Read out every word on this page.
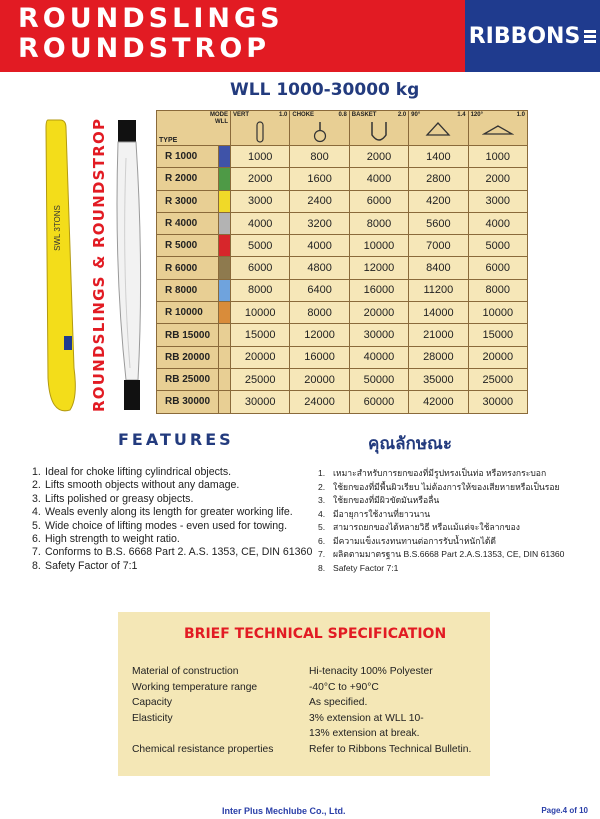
ROUNDSLINGS
ROUNDSTROP	RIBBONS
WLL 1000-30000 kg
SWL 3TONS
ROUNDSLINGS & ROUNDSTROP
MODE
WLL
TYPE		VERT 1.0	CHOKE 0.8	BASKET 2.0	90° 1.4	120° 1.0

R 1000		1000	800	2000	1400	1000
R 2000		2000	1600	4000	2800	2000
R 3000		3000	2400	6000	4200	3000
R 4000		4000	3200	8000	5600	4000
R 5000		5000	4000	10000	7000	5000
R 6000		6000	4800	12000	8400	6000
R 8000		8000	6400	16000	11200	8000
R 10000		10000	8000	20000	14000	10000
RB 15000		15000	12000	30000	21000	15000
RB 20000		20000	16000	40000	28000	20000
RB 25000		25000	20000	50000	35000	25000
RB 30000		30000	24000	60000	42000	30000
FEATURES	คุณลักษณะ
1. Ideal for choke lifting cylindrical objects.
2. Lifts smooth objects without any damage.
3. Lifts polished or greasy objects.
4. Weals evenly along its length for greater working life.
5. Wide choice of lifting modes - even used for towing.
6. High strength to weight ratio.
7. Conforms to B.S. 6668 Part 2. A.S. 1353, CE, DIN 61360
8. Safety Factor of 7:1
1. เหมาะสำหรับการยกของที่มีรูปทรงเป็นท่อ หรือทรงกระบอก
2. ใช้ยกของที่มีพื้นผิวเรียบ ไม่ต้องการให้ของเสียหายหรือเป็นรอย
3. ใช้ยกของที่มีผิวขัดมันหรือลื่น
4. มีอายุการใช้งานที่ยาวนาน
5. สามารถยกของได้หลายวิธี หรือแม้แต่จะใช้ลากของ
6. มีความแข็งแรงทนทานต่อการรับน้ำหนักได้ดี
7. ผลิตตามมาตรฐาน B.S.6668 Part 2.A.S.1353, CE, DIN 61360
8. Safety Factor 7:1
BRIEF TECHNICAL SPECIFICATION
Material of construction	Hi-tenacity 100% Polyester
Working temperature range	-40°C to +90°C
Capacity	As specified.
Elasticity	3% extension at WLL 10-
13% extension at break.
Chemical resistance properties	Refer to Ribbons Technical Bulletin.
Inter Plus Mechlube Co., Ltd.	Page.4 of 10
